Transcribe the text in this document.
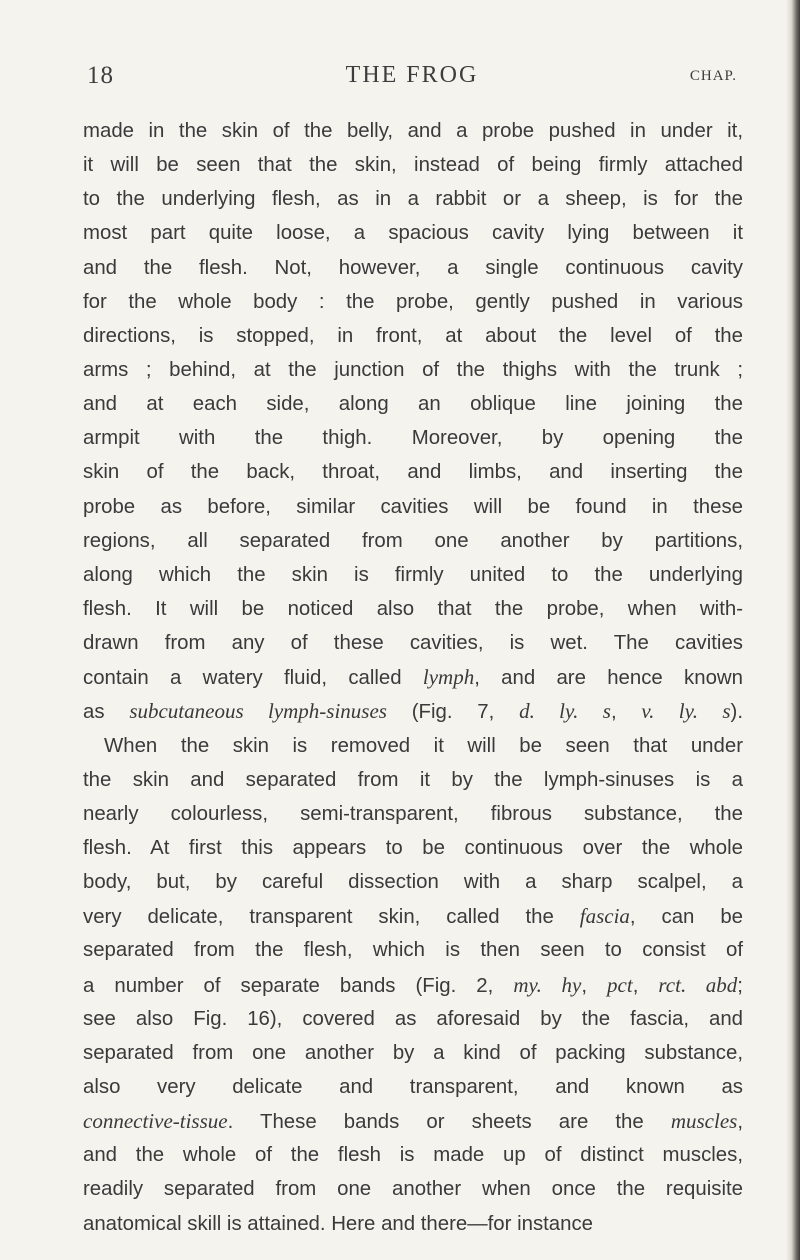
18	THE FROG	CHAP.
made in the skin of the belly, and a probe pushed in under it,
it will be seen that the skin, instead of being firmly attached
to the underlying flesh, as in a rabbit or a sheep, is for the
most part quite loose, a spacious cavity lying between it
and the flesh. Not, however, a single continuous cavity
for the whole body : the probe, gently pushed in various
directions, is stopped, in front, at about the level of the
arms ; behind, at the junction of the thighs with the trunk ;
and at each side, along an oblique line joining the
armpit with the thigh. Moreover, by opening the
skin of the back, throat, and limbs, and inserting the
probe as before, similar cavities will be found in these
regions, all separated from one another by partitions,
along which the skin is firmly united to the underlying
flesh. It will be noticed also that the probe, when with-
drawn from any of these cavities, is wet. The cavities
contain a watery fluid, called lymph, and are hence known
as subcutaneous lymph-sinuses (Fig. 7, d. ly. s, v. ly. s).
When the skin is removed it will be seen that under
the skin and separated from it by the lymph-sinuses is a
nearly colourless, semi-transparent, fibrous substance, the
flesh. At first this appears to be continuous over the whole
body, but, by careful dissection with a sharp scalpel, a
very delicate, transparent skin, called the fascia, can be
separated from the flesh, which is then seen to consist of
a number of separate bands (Fig. 2, my. hy, pct, rct. abd;
see also Fig. 16), covered as aforesaid by the fascia, and
separated from one another by a kind of packing substance,
also very delicate and transparent, and known as
connective-tissue. These bands or sheets are the muscles,
and the whole of the flesh is made up of distinct muscles,
readily separated from one another when once the requisite
anatomical skill is attained. Here and there—for instance
